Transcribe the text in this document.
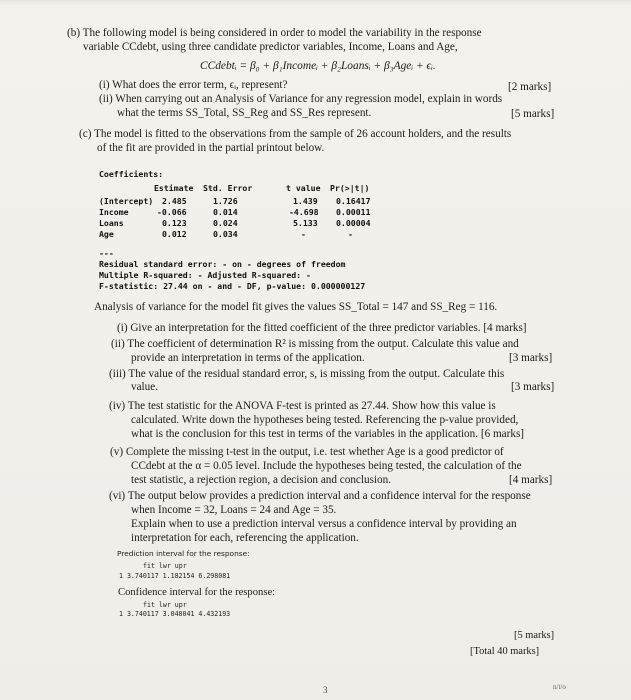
(b) The following model is being considered in order to model the variability in the response
variable CCdebt, using three candidate predictor variables, Income, Loans and Age,
CCdebtᵢ = β₀ + β₁Incomeᵢ + β₂Loansᵢ + β₃Ageᵢ + ϵᵢ.
(i) What does the error term, ϵᵢ, represent?	[2 marks]
(ii) When carrying out an Analysis of Variance for any regression model, explain in words
what the terms SS_Total, SS_Reg and SS_Res represent.	[5 marks]
(c) The model is fitted to the observations from the sample of 26 account holders, and the results
of the fit are provided in the partial printout below.
Coefficients:
Estimate Std. Error	t value Pr(>|t|)
(Intercept) 2.485	1.726	1.439 0.16417
Income	-0.066	0.014	-4.698 0.00011
Loans	0.123	0.024	5.133 0.00004
Age	0.012	0.034	-	-
---
Residual standard error: - on - degrees of freedom
Multiple R-squared: - Adjusted R-squared: -
F-statistic: 27.44 on - and - DF, p-value: 0.000000127
Analysis of variance for the model fit gives the values SS_Total = 147 and SS_Reg = 116.
(i) Give an interpretation for the fitted coefficient of the three predictor variables. [4 marks]
(ii) The coefficient of determination R² is missing from the output. Calculate this value and
provide an interpretation in terms of the application.	[3 marks]
(iii) The value of the residual standard error, s, is missing from the output. Calculate this
value.	[3 marks]
(iv) The test statistic for the ANOVA F-test is printed as 27.44. Show how this value is
calculated. Write down the hypotheses being tested. Referencing the p-value provided,
what is the conclusion for this test in terms of the variables in the application. [6 marks]
(v) Complete the missing t-test in the output, i.e. test whether Age is a good predictor of
CCdebt at the α = 0.05 level. Include the hypotheses being tested, the calculation of the
test statistic, a rejection region, a decision and conclusion.	[4 marks]
(vi) The output below provides a prediction interval and a confidence interval for the response
when Income = 32, Loans = 24 and Age = 35.
Explain when to use a prediction interval versus a confidence interval by providing an
interpretation for each, referencing the application.
Prediction interval for the response:
fit lwr upr
1 3.740117 1.182154 6.298081
Confidence interval for the response:
fit lwr upr
1 3.740117 3.048041 4.432193
[5 marks]
[Total 40 marks]
3	n/t/o
